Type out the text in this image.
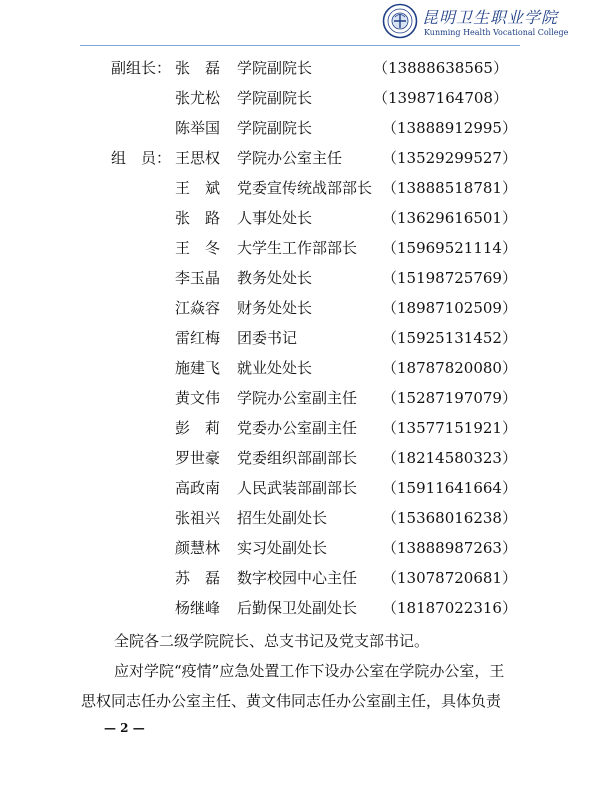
昆明卫生职业学院
Kunming Health Vocational College
副组长： 张　磊 学院副院长	（13888638565）
张尤松 学院副院长	（13987164708）
陈举国 学院副院长	（13888912995）
组　员： 王思权 学院办公室主任	（13529299527）
王　斌 党委宣传统战部部长 （13888518781）
张　路 人事处处长	（13629616501）
王　冬 大学生工作部部长 （15969521114）
李玉晶 教务处处长	（15198725769）
江焱容 财务处处长	（18987102509）
雷红梅 团委书记	（15925131452）
施建飞 就业处处长	（18787820080）
黄文伟 学院办公室副主任 （15287197079）
彭　莉 党委办公室副主任 （13577151921）
罗世豪 党委组织部副部长 （18214580323）
高政南 人民武装部副部长 （15911641664）
张祖兴 招生处副处长	（15368016238）
颜慧林 实习处副处长	（13888987263）
苏　磊 数字校园中心主任 （13078720681）
杨继峰 后勤保卫处副处长 （18187022316）
全院各二级学院院长、总支书记及党支部书记。
应对学院“疫情”应急处置工作下设办公室在学院办公室，王
思权同志任办公室主任、黄文伟同志任办公室副主任，具体负责
— 2 —
